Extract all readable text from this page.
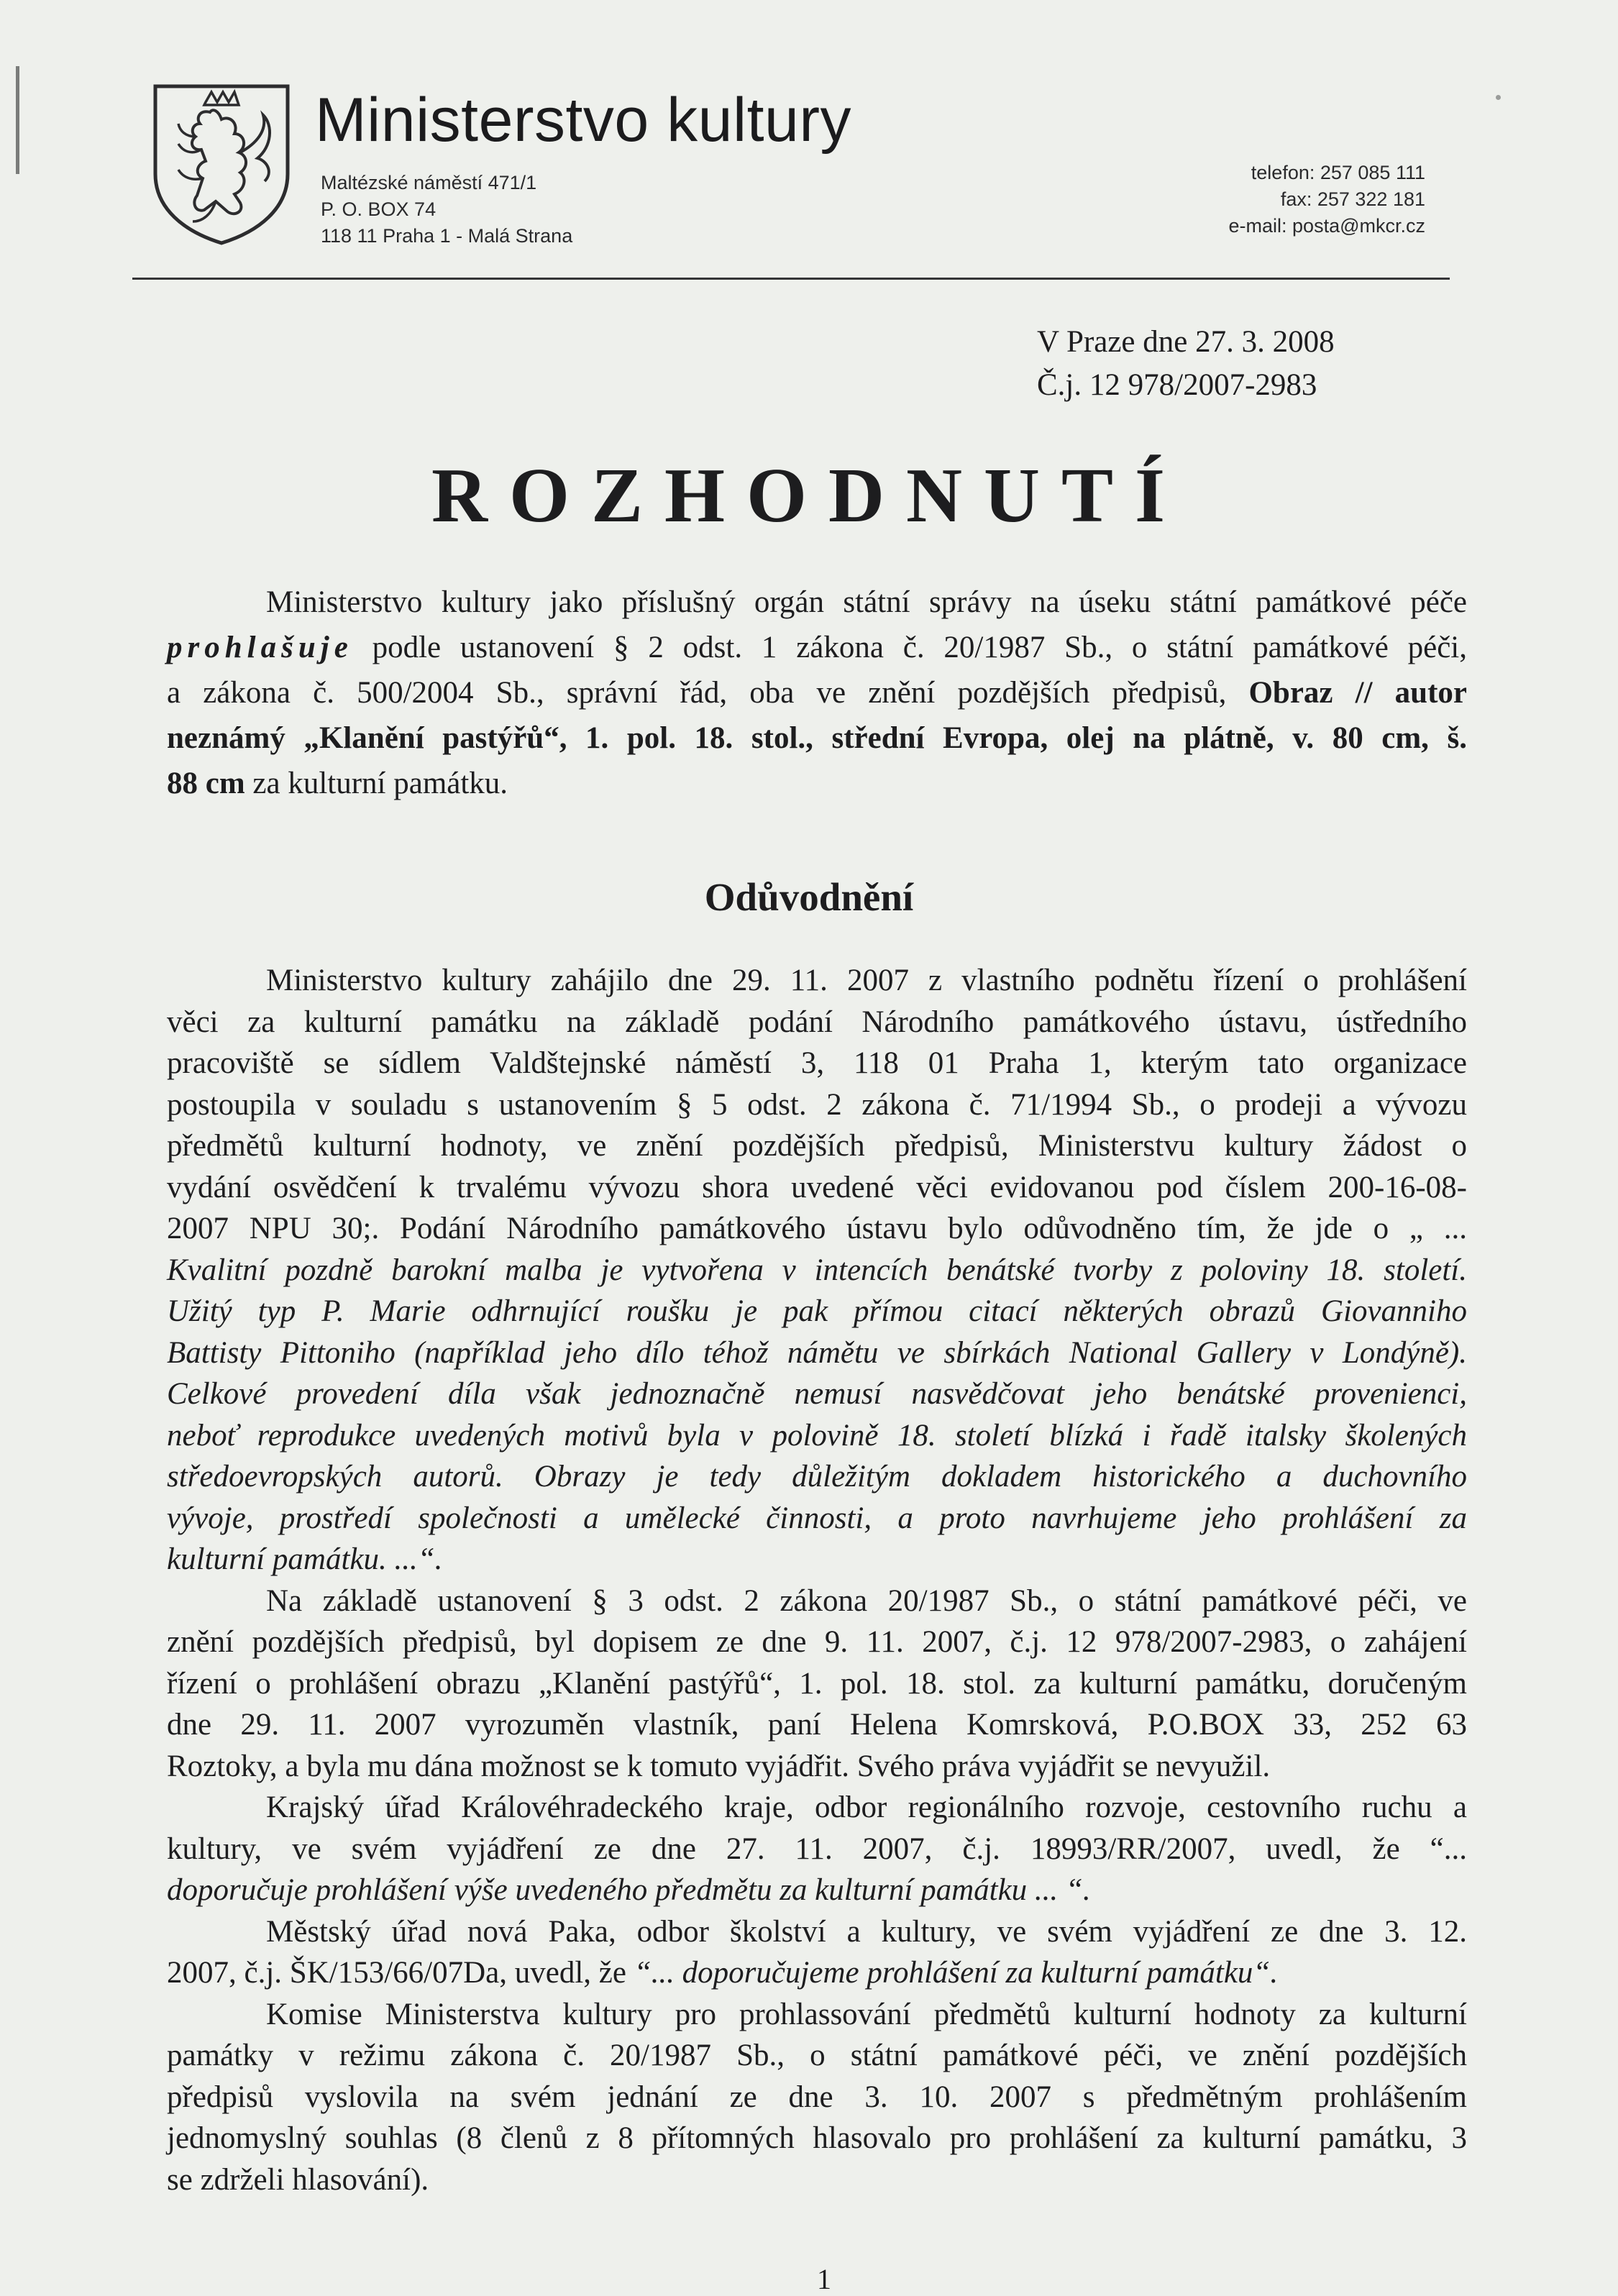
Ministerstvo kultury
Maltézské náměstí 471/1
P. O. BOX 74
118 11 Praha 1 - Malá Strana
telefon: 257 085 111
fax: 257 322 181
e-mail: posta@mkcr.cz
V Praze dne 27. 3. 2008
Č.j. 12 978/2007-2983
ROZHODNUTÍ
Ministerstvo kultury jako příslušný orgán státní správy na úseku státní památkové péče
prohlašuje podle ustanovení § 2 odst. 1 zákona č. 20/1987 Sb., o státní památkové péči,
a zákona č. 500/2004 Sb., správní řád, oba ve znění pozdějších předpisů, Obraz // autor
neznámý „Klanění pastýřů“, 1. pol. 18. stol., střední Evropa, olej na plátně, v. 80 cm, š.
88 cm za kulturní památku.
Odůvodnění
Ministerstvo kultury zahájilo dne 29. 11. 2007 z vlastního podnětu řízení o prohlášení
věci za kulturní památku na základě podání Národního památkového ústavu, ústředního
pracoviště se sídlem Valdštejnské náměstí 3, 118 01 Praha 1, kterým tato organizace
postoupila v souladu s ustanovením § 5 odst. 2 zákona č. 71/1994 Sb., o prodeji a vývozu
předmětů kulturní hodnoty, ve znění pozdějších předpisů, Ministerstvu kultury žádost o
vydání osvědčení k trvalému vývozu shora uvedené věci evidovanou pod číslem 200-16-08-
2007 NPU 30;. Podání Národního památkového ústavu bylo odůvodněno tím, že jde o „ ...
Kvalitní pozdně barokní malba je vytvořena v intencích benátské tvorby z poloviny 18. století.
Užitý typ P. Marie odhrnující roušku je pak přímou citací některých obrazů Giovanniho
Battisty Pittoniho (například jeho dílo téhož námětu ve sbírkách National Gallery v Londýně).
Celkové provedení díla však jednoznačně nemusí nasvědčovat jeho benátské provenienci,
neboť reprodukce uvedených motivů byla v polovině 18. století blízká i řadě italsky školených
středoevropských autorů. Obrazy je tedy důležitým dokladem historického a duchovního
vývoje, prostředí společnosti a umělecké činnosti, a proto navrhujeme jeho prohlášení za
kulturní památku. ...“.
Na základě ustanovení § 3 odst. 2 zákona 20/1987 Sb., o státní památkové péči, ve
znění pozdějších předpisů, byl dopisem ze dne 9. 11. 2007, č.j. 12 978/2007-2983, o zahájení
řízení o prohlášení obrazu „Klanění pastýřů“, 1. pol. 18. stol. za kulturní památku, doručeným
dne 29. 11. 2007 vyrozuměn vlastník, paní Helena Komrsková, P.O.BOX 33, 252 63
Roztoky, a byla mu dána možnost se k tomuto vyjádřit. Svého práva vyjádřit se nevyužil.
Krajský úřad Královéhradeckého kraje, odbor regionálního rozvoje, cestovního ruchu a
kultury, ve svém vyjádření ze dne 27. 11. 2007, č.j. 18993/RR/2007, uvedl, že “...
doporučuje prohlášení výše uvedeného předmětu za kulturní památku ... “.
Městský úřad nová Paka, odbor školství a kultury, ve svém vyjádření ze dne 3. 12.
2007, č.j. ŠK/153/66/07Da, uvedl, že “... doporučujeme prohlášení za kulturní památku“.
Komise Ministerstva kultury pro prohlassování předmětů kulturní hodnoty za kulturní
památky v režimu zákona č. 20/1987 Sb., o státní památkové péči, ve znění pozdějších
předpisů vyslovila na svém jednání ze dne 3. 10. 2007 s předmětným prohlášením
jednomyslný souhlas (8 členů z 8 přítomných hlasovalo pro prohlášení za kulturní památku, 3
se zdrželi hlasování).
1
